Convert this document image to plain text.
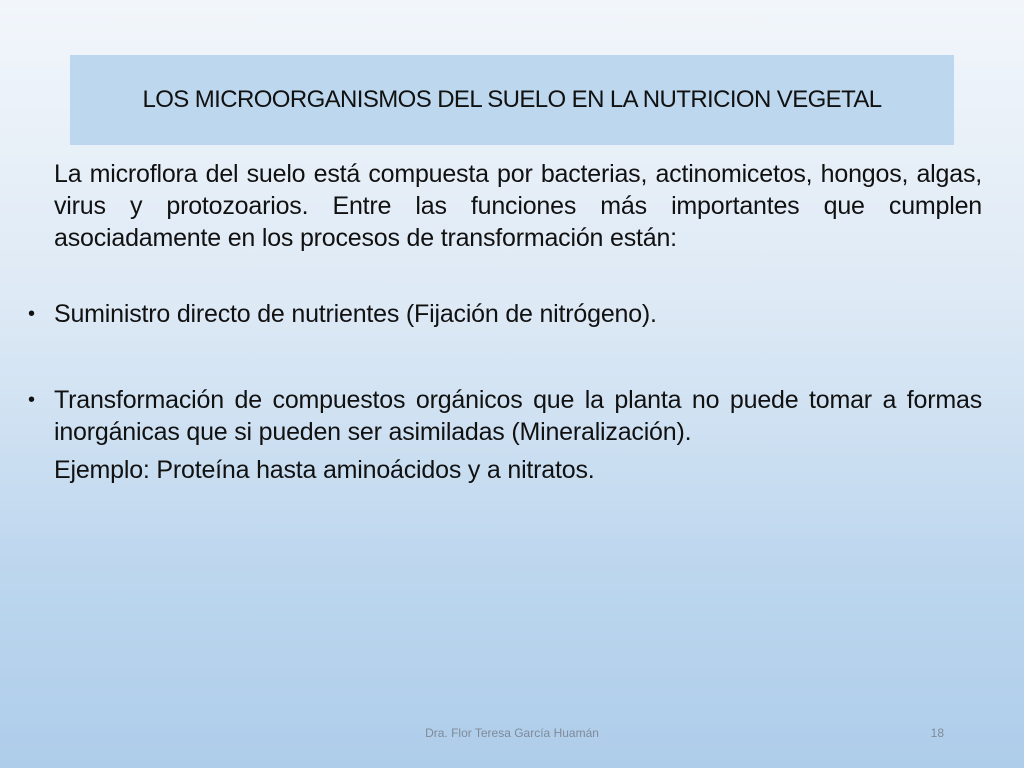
LOS MICROORGANISMOS DEL SUELO EN LA NUTRICION VEGETAL

La microflora del suelo está compuesta por bacterias, actinomicetos, hongos, algas, virus y protozoarios. Entre las funciones más importantes que cumplen asociadamente en los procesos de transformación están:

• Suministro directo de nutrientes (Fijación de nitrógeno).
• Transformación de compuestos orgánicos que la planta no puede tomar a formas inorgánicas que si pueden ser asimiladas (Mineralización).

Ejemplo: Proteína hasta aminoácidos y a nitratos.

Dra. Flor Teresa García Huamán	18
